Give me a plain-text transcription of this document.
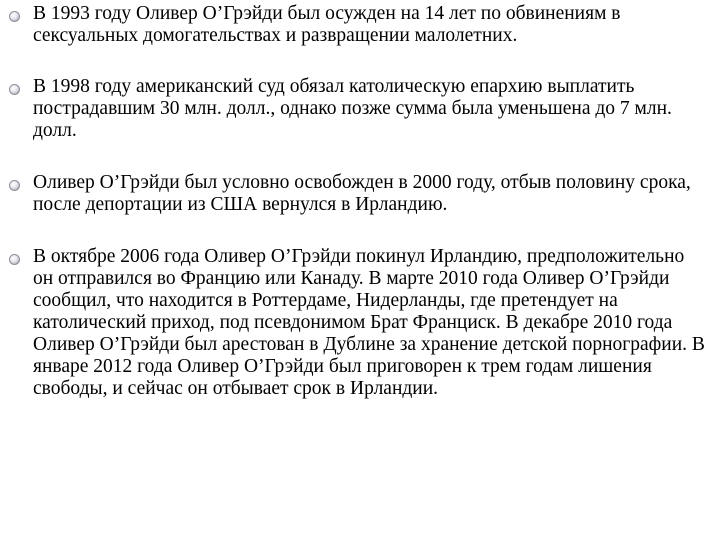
В 1993 году Оливер О’Грэйди был осужден на 14 лет по обвинениям в сексуальных домогательствах и развращении малолетних.
В 1998 году американский суд обязал католическую епархию выплатить пострадавшим 30 млн. долл., однако позже сумма была уменьшена до 7 млн. долл.
Оливер О’Грэйди был условно освобожден в 2000 году, отбыв половину срока, после депортации из США вернулся в Ирландию.
В октябре 2006 года Оливер О’Грэйди покинул Ирландию, предположительно он отправился во Францию или Канаду. В марте 2010 года Оливер О’Грэйди сообщил, что находится в Роттердаме, Нидерланды, где претендует на католический приход, под псевдонимом Брат Франциск. В декабре 2010 года Оливер О’Грэйди был арестован в Дублине за хранение детской порнографии. В январе 2012 года Оливер О’Грэйди был приговорен к трем годам лишения свободы, и сейчас он отбывает срок в Ирландии.
